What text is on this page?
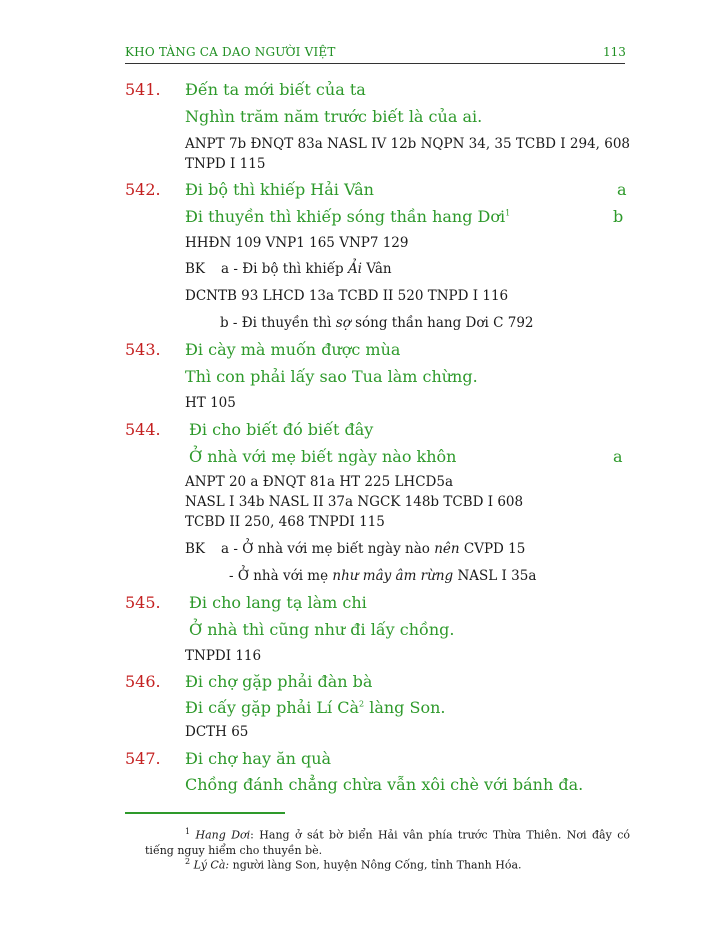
KHO TÀNG CA DAO NGƯỜI VIỆT	113
541. Đến ta mới biết của ta
Nghìn trăm năm trước biết là của ai.
ANPT 7b ĐNQT 83a NASL IV 12b NQPN 34, 35 TCBD I 294, 608 TNPD I 115
542. Đi bộ thì khiếp Hải Vân	a
Đi thuyền thì khiếp sóng thần hang Dơi$^1$	b
HHĐN 109 VNP1 165 VNP7 129
BK a - Đi bộ thì khiếp Ải Vân
DCNTB 93 LHCD 13a TCBD II 520 TNPD I 116
b - Đi thuyền thì sợ sóng thần hang Dơi C 792
543. Đi cày mà muốn được mùa
Thì con phải lấy sao Tua làm chừng.
HT 105
544. Đi cho biết đó biết đây
Ở nhà với mẹ biết ngày nào khôn	a
ANPT 20 a ĐNQT 81a HT 225 LHCD5a
NASL I 34b NASL II 37a NGCK 148b TCBD I 608
TCBD II 250, 468 TNPDI 115
BK a - Ở nhà với mẹ biết ngày nào nên CVPD 15
- Ở nhà với mẹ như mây âm rừng NASL I 35a
545. Đi cho lang tạ làm chi
Ở nhà thì cũng như đi lấy chồng.
TNPDI 116
546. Đi chợ gặp phải đàn bà
Đi cấy gặp phải Lí $Cà^2$ làng Son.
DCTH 65
547. Đi chợ hay ăn quà
Chồng đánh chẳng chừa vẫn xôi chè với bánh đa.
$^1$ Hang Dơi: Hang ở sát bờ biển Hải vân phía trước Thừa Thiên. Nơi đây có tiếng nguy hiểm cho thuyền bè.
$^2$ Lý Cà: người làng Son, huyện Nông Cống, tỉnh Thanh Hóa.
